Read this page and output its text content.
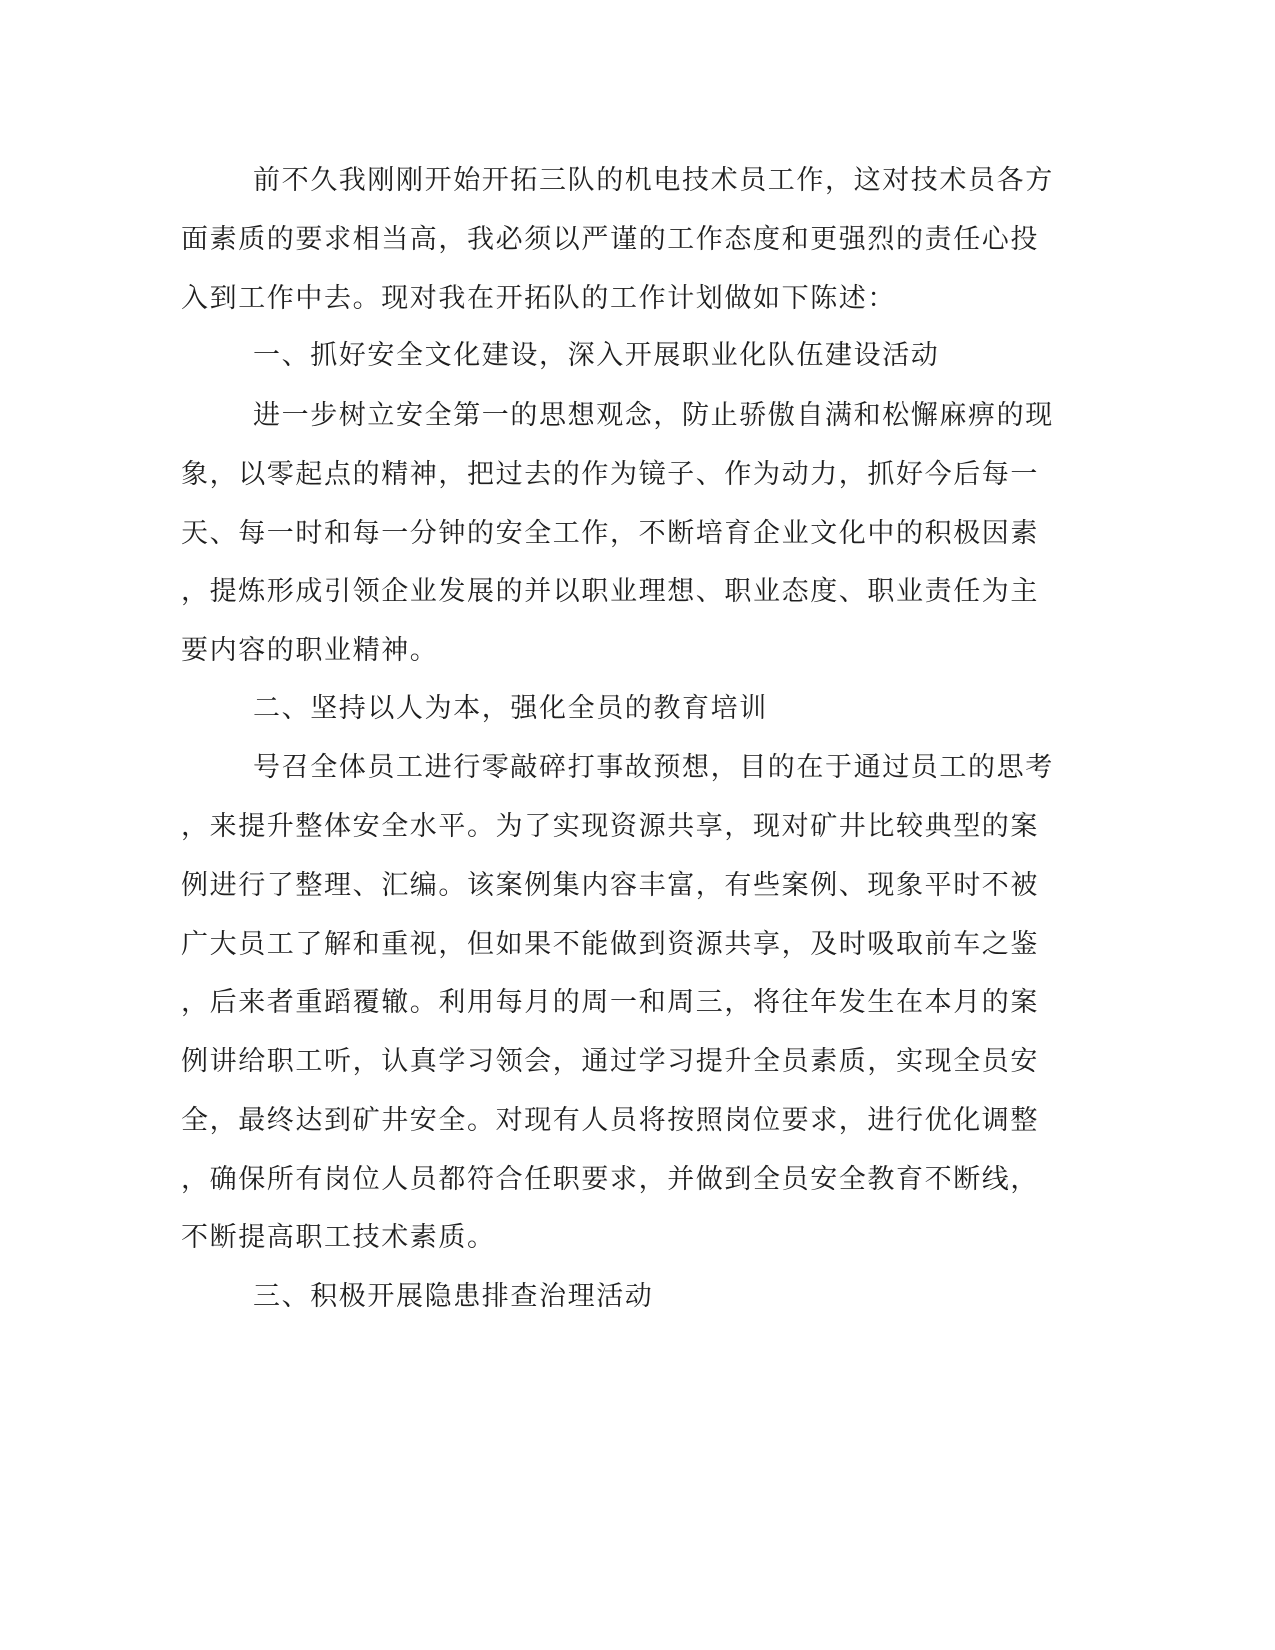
前不久我刚刚开始开拓三队的机电技术员工作，这对技术员各方
面素质的要求相当高，我必须以严谨的工作态度和更强烈的责任心投
入到工作中去。现对我在开拓队的工作计划做如下陈述：
一、抓好安全文化建设，深入开展职业化队伍建设活动
进一步树立安全第一的思想观念，防止骄傲自满和松懈麻痹的现
象，以零起点的精神，把过去的作为镜子、作为动力，抓好今后每一
天、每一时和每一分钟的安全工作，不断培育企业文化中的积极因素
，提炼形成引领企业发展的并以职业理想、职业态度、职业责任为主
要内容的职业精神。
二、坚持以人为本，强化全员的教育培训
号召全体员工进行零敲碎打事故预想，目的在于通过员工的思考
，来提升整体安全水平。为了实现资源共享，现对矿井比较典型的案
例进行了整理、汇编。该案例集内容丰富，有些案例、现象平时不被
广大员工了解和重视，但如果不能做到资源共享，及时吸取前车之鉴
，后来者重蹈覆辙。利用每月的周一和周三，将往年发生在本月的案
例讲给职工听，认真学习领会，通过学习提升全员素质，实现全员安
全，最终达到矿井安全。对现有人员将按照岗位要求，进行优化调整
，确保所有岗位人员都符合任职要求，并做到全员安全教育不断线，
不断提高职工技术素质。
三、积极开展隐患排查治理活动
